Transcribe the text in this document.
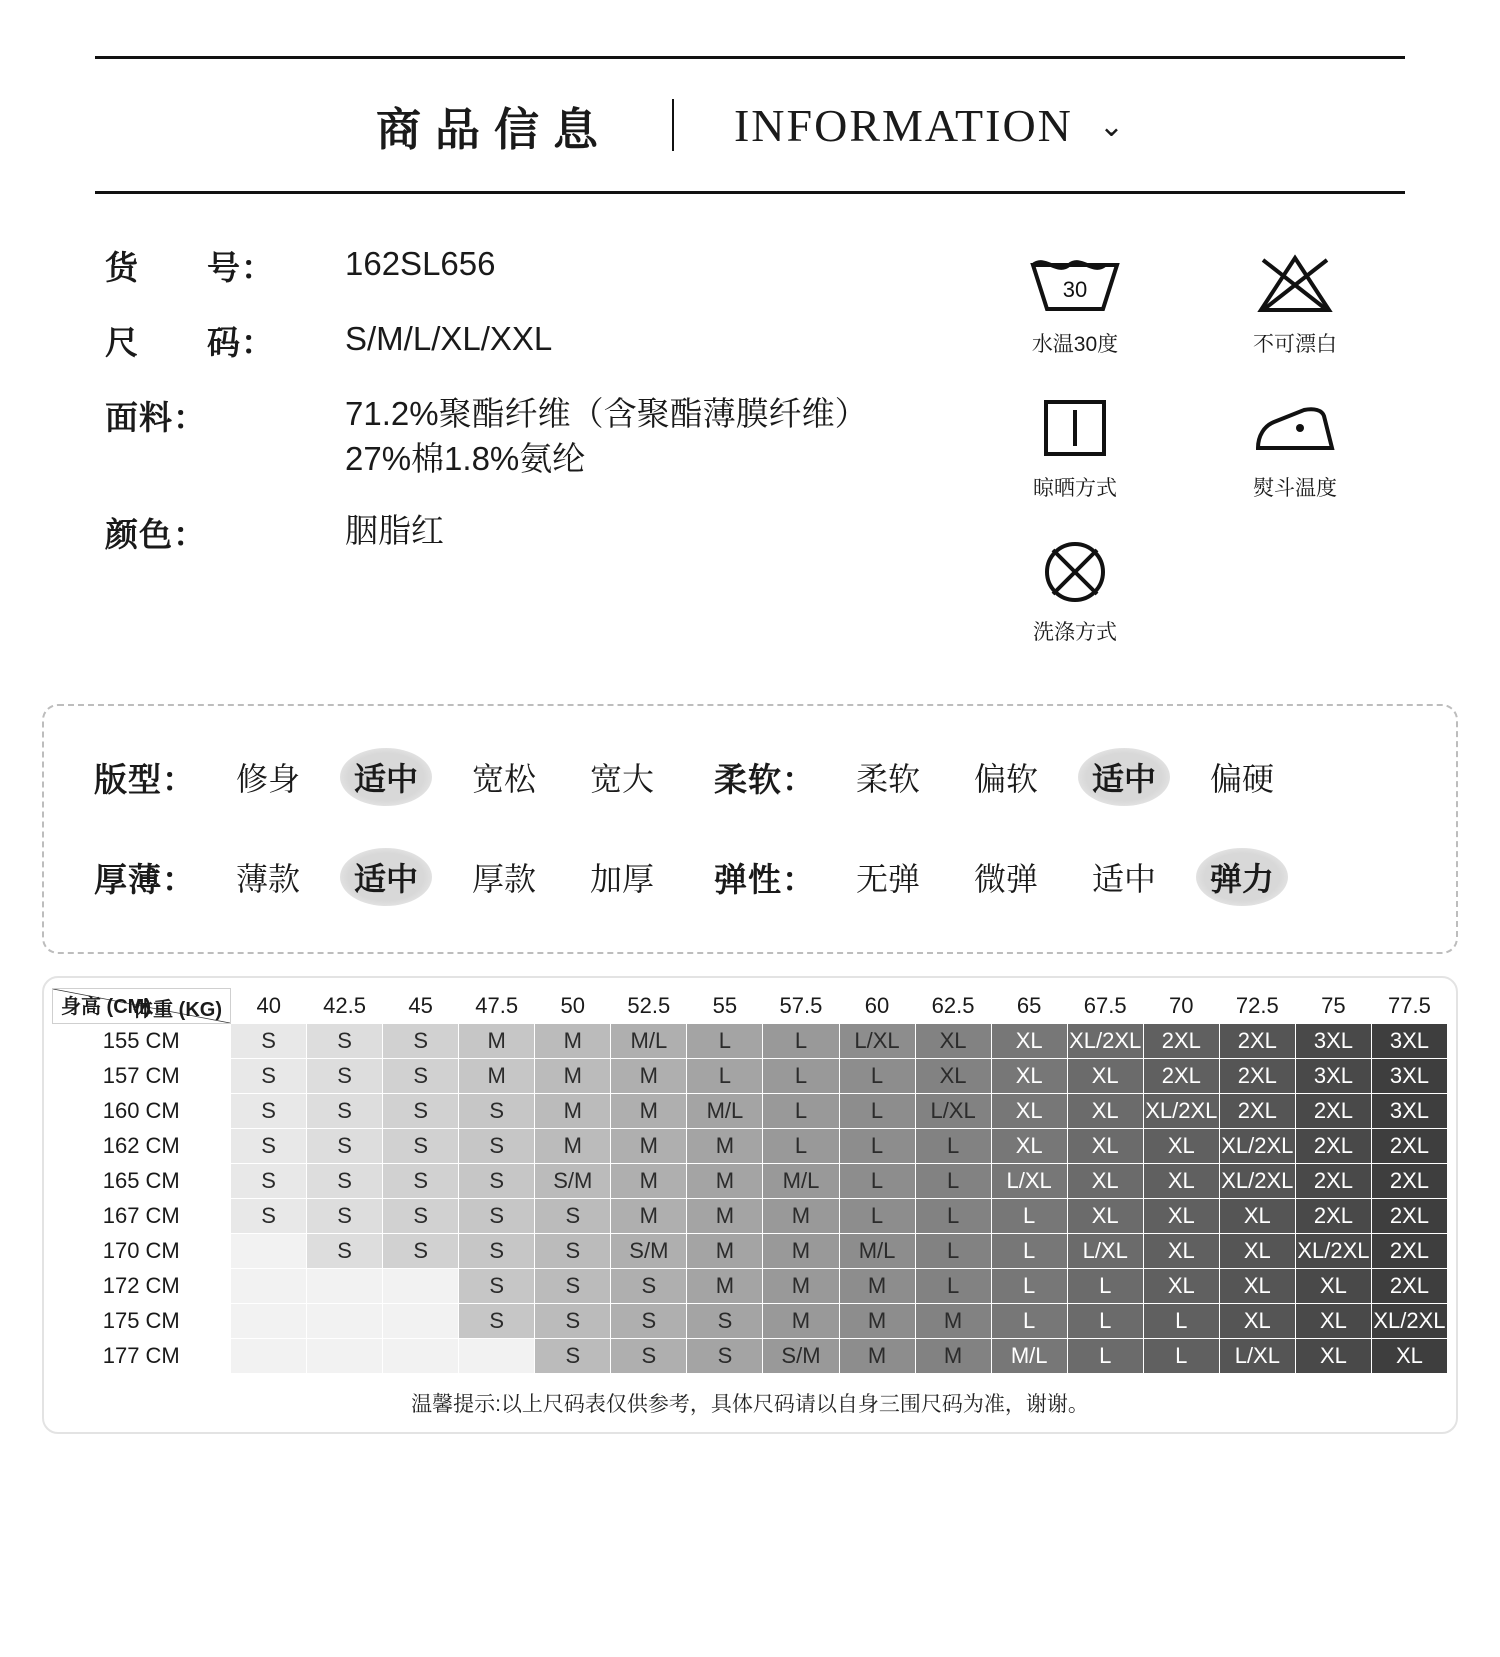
商品信息	INFORMATION ⌄
货　　号：	162SL656
尺　　码：	S/M/L/XL/XXL
面料：	71.2%聚酯纤维（含聚酯薄膜纤维）
27%棉1.8%氨纶
颜色：	胭脂红
30
水温30度	不可漂白
晾晒方式	熨斗温度
洗涤方式
版型：	修身	适中	宽松	宽大	柔软：	柔软	偏软	适中	偏硬
厚薄：	薄款	适中	厚款	加厚	弹性：	无弹	微弹	适中	弹力
体重 (KG)
身高 (CM)	40	42.5	45	47.5	50	52.5	55	57.5	60	62.5	65	67.5	70	72.5	75	77.5
155 CM	S	S	S	M	M	M/L	L	L	L/XL	XL	XL	XL/2XL	2XL	2XL	3XL	3XL
157 CM	S	S	S	M	M	M	L	L	L	XL	XL	XL	2XL	2XL	3XL	3XL
160 CM	S	S	S	S	M	M	M/L	L	L	L/XL	XL	XL	XL/2XL	2XL	2XL	3XL
162 CM	S	S	S	S	M	M	M	L	L	L	XL	XL	XL	XL/2XL	2XL	2XL
165 CM	S	S	S	S	S/M	M	M	M/L	L	L	L/XL	XL	XL	XL/2XL	2XL	2XL
167 CM	S	S	S	S	S	M	M	M	L	L	L	XL	XL	XL	2XL	2XL
170 CM		S	S	S	S	S/M	M	M	M/L	L	L	L/XL	XL	XL	XL/2XL	2XL
172 CM				S	S	S	M	M	M	L	L	L	XL	XL	XL	2XL
175 CM				S	S	S	S	M	M	M	L	L	L	XL	XL	XL/2XL
177 CM					S	S	S	S/M	M	M	M/L	L	L	L/XL	XL	XL
温馨提示:以上尺码表仅供参考，具体尺码请以自身三围尺码为准，谢谢。
